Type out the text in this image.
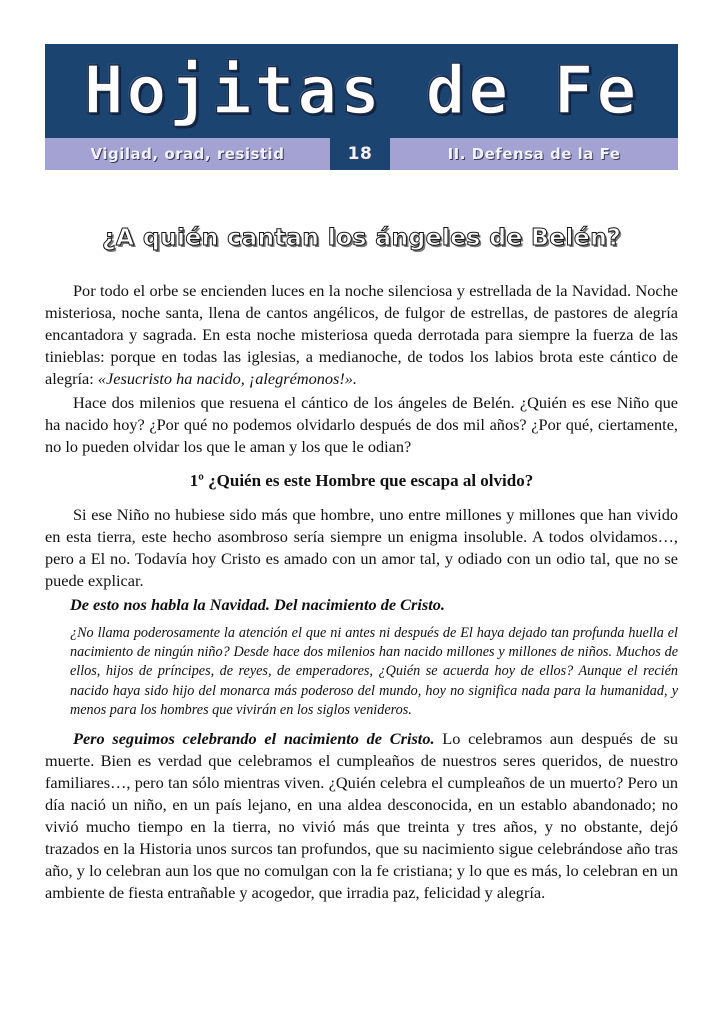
Hojitas de Fe
Vigilad, orad, resistid	18	II. Defensa de la Fe
¿A quién cantan los ángeles de Belén?

Por todo el orbe se encienden luces en la noche silenciosa y estrellada de la Navidad. Noche misteriosa, noche santa, llena de cantos angélicos, de fulgor de estrellas, de pastores de alegría encantadora y sagrada. En esta noche misteriosa queda derrotada para siempre la fuerza de las tinieblas: porque en todas las iglesias, a medianoche, de todos los labios brota este cántico de alegría: «Jesucristo ha nacido, ¡alegrémonos!».

Hace dos milenios que resuena el cántico de los ángeles de Belén. ¿Quién es ese Niño que ha nacido hoy? ¿Por qué no podemos olvidarlo después de dos mil años? ¿Por qué, ciertamente, no lo pueden olvidar los que le aman y los que le odian?

1º ¿Quién es este Hombre que escapa al olvido?

Si ese Niño no hubiese sido más que hombre, uno entre millones y millones que han vivido en esta tierra, este hecho asombroso sería siempre un enigma insoluble. A todos olvidamos…, pero a El no. Todavía hoy Cristo es amado con un amor tal, y odiado con un odio tal, que no se puede explicar.

De esto nos habla la Navidad. Del nacimiento de Cristo.

¿No llama poderosamente la atención el que ni antes ni después de El haya dejado tan profunda huella el nacimiento de ningún niño? Desde hace dos milenios han nacido millones y millones de niños. Muchos de ellos, hijos de príncipes, de reyes, de emperadores, ¿Quién se acuerda hoy de ellos? Aunque el recién nacido haya sido hijo del monarca más poderoso del mundo, hoy no significa nada para la humanidad, y menos para los hombres que vivirán en los siglos venideros.

Pero seguimos celebrando el nacimiento de Cristo. Lo celebramos aun después de su muerte. Bien es verdad que celebramos el cumpleaños de nuestros seres queridos, de nuestro familiares…, pero tan sólo mientras viven. ¿Quién celebra el cumpleaños de un muerto? Pero un día nació un niño, en un país lejano, en una aldea desconocida, en un establo abandonado; no vivió mucho tiempo en la tierra, no vivió más que treinta y tres años, y no obstante, dejó trazados en la Historia unos surcos tan profundos, que su nacimiento sigue celebrándose año tras año, y lo celebran aun los que no comulgan con la fe cristiana; y lo que es más, lo celebran en un ambiente de fiesta entrañable y acogedor, que irradia paz, felicidad y alegría.
